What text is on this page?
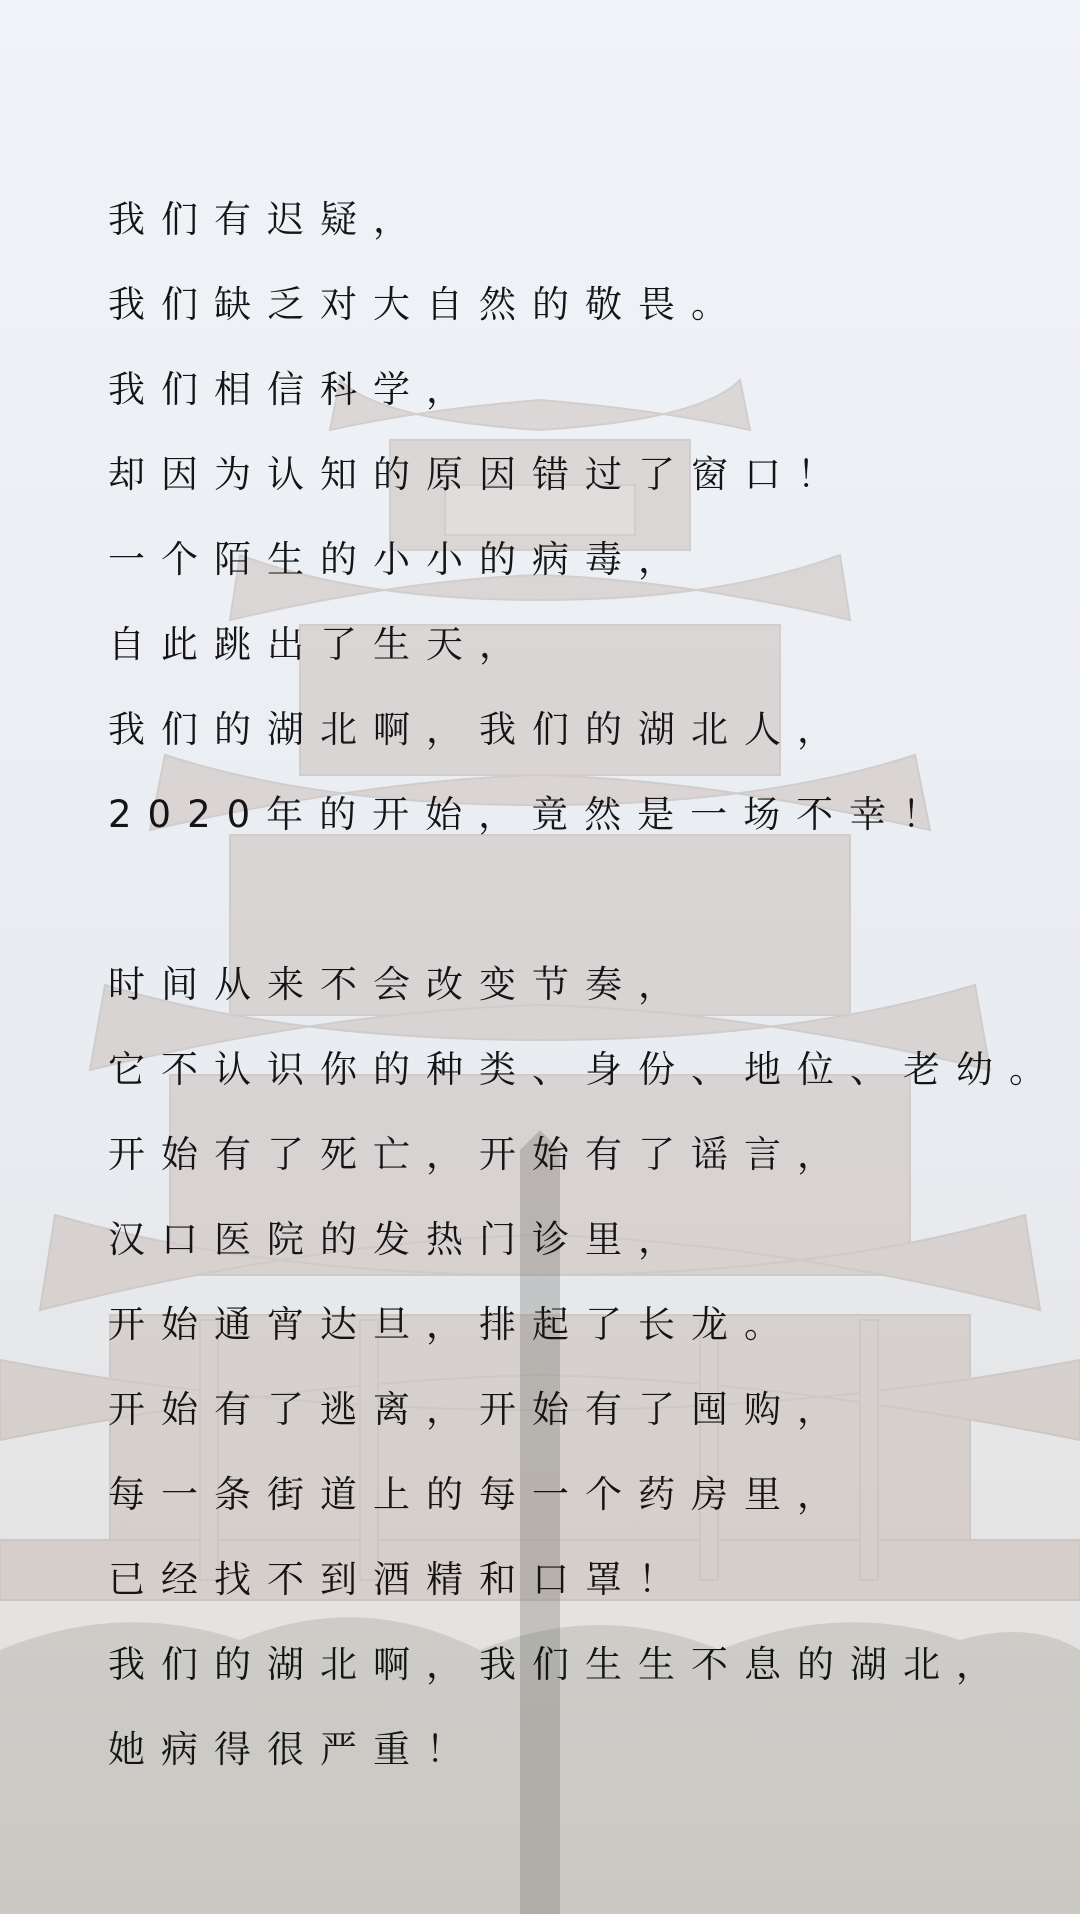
我们有迟疑，
我们缺乏对大自然的敬畏。
我们相信科学，
却因为认知的原因错过了窗口！
一个陌生的小小的病毒，
自此跳出了生天，
我们的湖北啊，我们的湖北人，
2020年的开始，竟然是一场不幸！
时间从来不会改变节奏，
它不认识你的种类、身份、地位、老幼。
开始有了死亡，开始有了谣言，
汉口医院的发热门诊里，
开始通宵达旦，排起了长龙。
开始有了逃离，开始有了囤购，
每一条街道上的每一个药房里，
已经找不到酒精和口罩！
我们的湖北啊，我们生生不息的湖北，
她病得很严重！
